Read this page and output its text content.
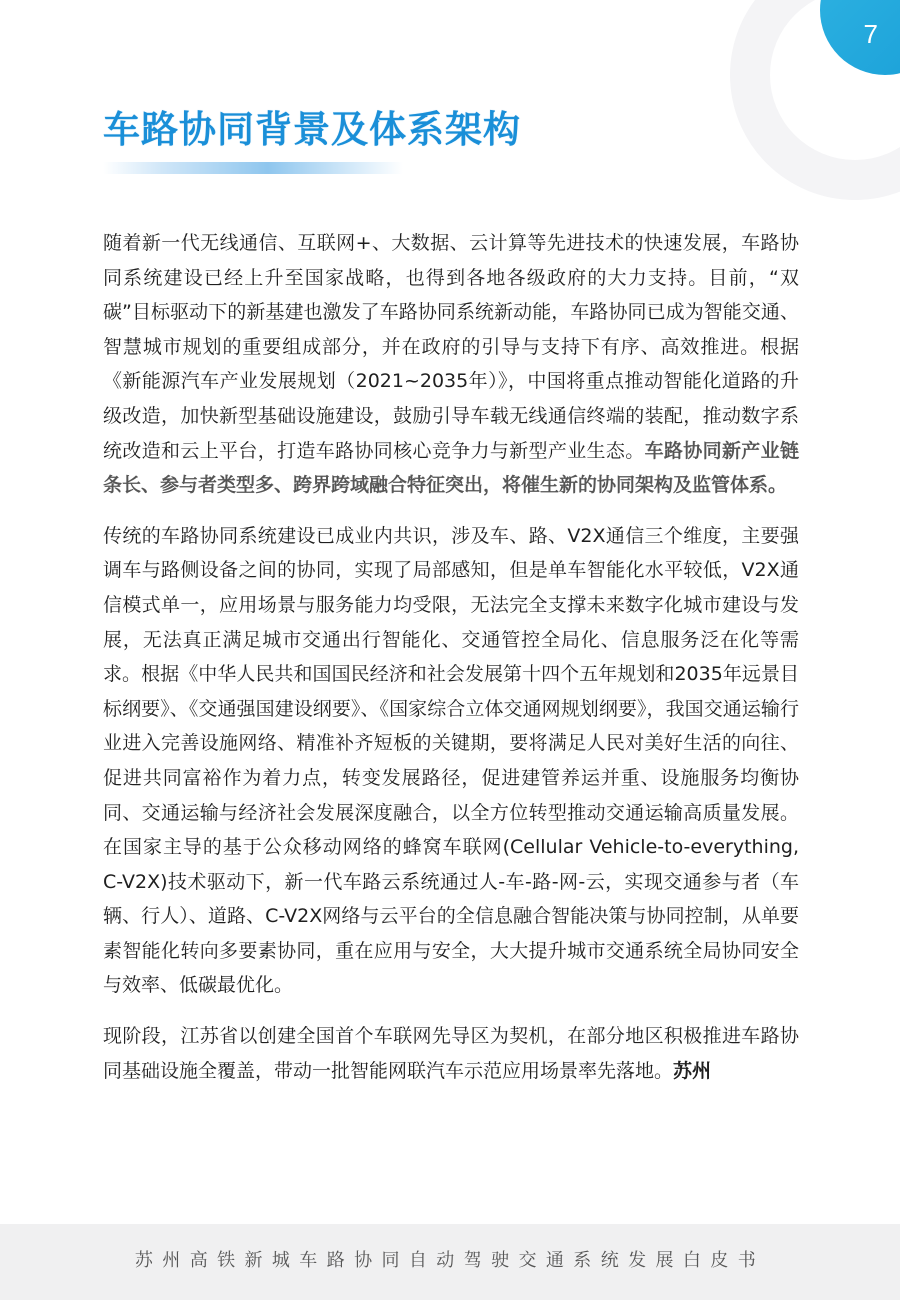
7
车路协同背景及体系架构

随着新一代无线通信、互联网+、大数据、云计算等先进技术的快速发展，车路协同系统建设已经上升至国家战略，也得到各地各级政府的大力支持。目前，“双碳”目标驱动下的新基建也激发了车路协同系统新动能，车路协同已成为智能交通、智慧城市规划的重要组成部分，并在政府的引导与支持下有序、高效推进。根据《新能源汽车产业发展规划（2021~2035年）》，中国将重点推动智能化道路的升级改造，加快新型基础设施建设，鼓励引导车载无线通信终端的装配，推动数字系统改造和云上平台，打造车路协同核心竞争力与新型产业生态。车路协同新产业链条长、参与者类型多、跨界跨域融合特征突出，将催生新的协同架构及监管体系。

传统的车路协同系统建设已成业内共识，涉及车、路、V2X通信三个维度，主要强调车与路侧设备之间的协同，实现了局部感知，但是单车智能化水平较低，V2X通信模式单一，应用场景与服务能力均受限，无法完全支撑未来数字化城市建设与发展，无法真正满足城市交通出行智能化、交通管控全局化、信息服务泛在化等需求。根据《中华人民共和国国民经济和社会发展第十四个五年规划和2035年远景目标纲要》、《交通强国建设纲要》、《国家综合立体交通网规划纲要》，我国交通运输行业进入完善设施网络、精准补齐短板的关键期，要将满足人民对美好生活的向往、促进共同富裕作为着力点，转变发展路径，促进建管养运并重、设施服务均衡协同、交通运输与经济社会发展深度融合，以全方位转型推动交通运输高质量发展。在国家主导的基于公众移动网络的蜂窝车联网(Cellular Vehicle-to-everything, C-V2X)技术驱动下，新一代车路云系统通过人-车-路-网-云，实现交通参与者（车辆、行人）、道路、C-V2X网络与云平台的全信息融合智能决策与协同控制，从单要素智能化转向多要素协同，重在应用与安全，大大提升城市交通系统全局协同安全与效率、低碳最优化。

现阶段，江苏省以创建全国首个车联网先导区为契机，在部分地区积极推进车路协同基础设施全覆盖，带动一批智能网联汽车示范应用场景率先落地。苏州

苏州高铁新城车路协同自动驾驶交通系统发展白皮书
